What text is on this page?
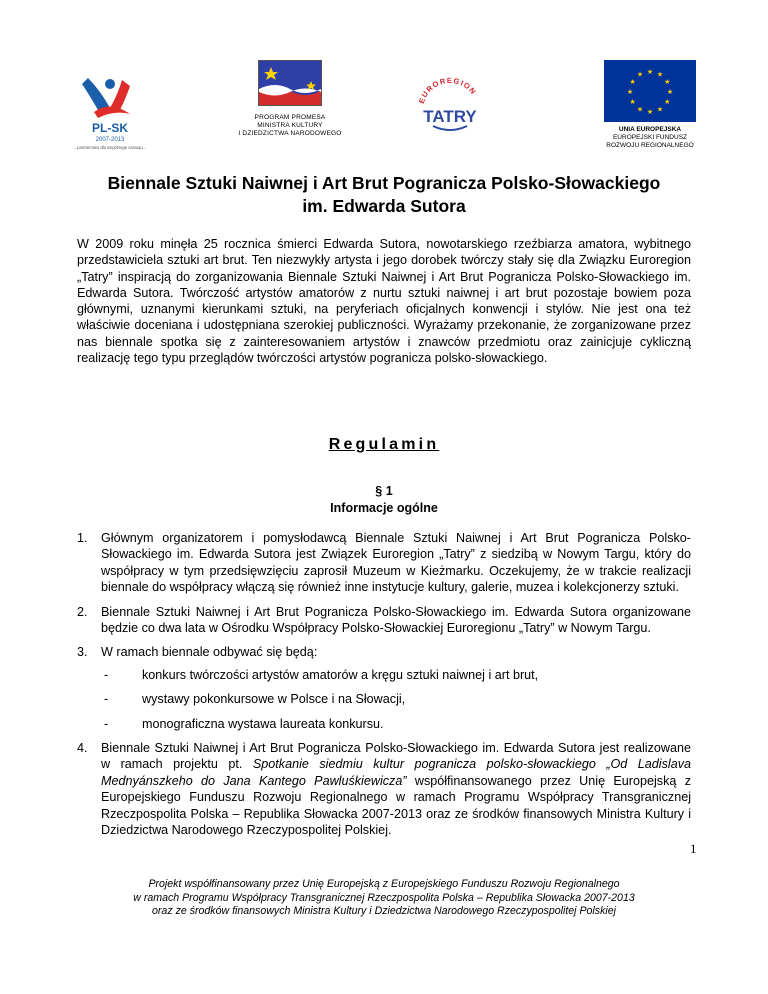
PL-SK
2007-2013
...partnerstwo dla wspólnego rozwoju...
PROGRAM PROMESA
MINISTRA KULTURY
I DZIEDZICTWA NARODOWEGO
EUROREGION
TATRY
★ ★
★
★
★
★
★
★
★
★
★
★
UNIA EUROPEJSKA
EUROPEJSKI FUNDUSZ
ROZWOJU REGIONALNEGO
Biennale Sztuki Naiwnej i Art Brut Pogranicza Polsko-Słowackiego
im. Edwarda Sutora

W 2009 roku minęła 25 rocznica śmierci Edwarda Sutora, nowotarskiego rzeźbiarza amatora, wybitnego przedstawiciela sztuki art brut. Ten niezwykły artysta i jego dorobek twórczy stały się dla Związku Euroregion „Tatry” inspiracją do zorganizowania Biennale Sztuki Naiwnej i Art Brut Pogranicza Polsko-Słowackiego im. Edwarda Sutora. Twórczość artystów amatorów z nurtu sztuki naiwnej i art brut pozostaje bowiem poza głównymi, uznanymi kierunkami sztuki, na peryferiach oficjalnych konwencji i stylów. Nie jest ona też właściwie doceniana i udostępniana szerokiej publiczności. Wyrażamy przekonanie, że zorganizowane przez nas biennale spotka się z zainteresowaniem artystów i znawców przedmiotu oraz zainicjuje cykliczną realizację tego typu przeglądów twórczości artystów pogranicza polsko-słowackiego.

Regulamin
§ 1
Informacje ogólne
1. Głównym organizatorem i pomysłodawcą Biennale Sztuki Naiwnej i Art Brut Pogranicza Polsko-Słowackiego im. Edwarda Sutora jest Związek Euroregion „Tatry” z siedzibą w Nowym Targu, który do współpracy w tym przedsięwzięciu zaprosił Muzeum w Kieżmarku. Oczekujemy, że w trakcie realizacji biennale do współpracy włączą się również inne instytucje kultury, galerie, muzea i kolekcjonerzy sztuki.
2. Biennale Sztuki Naiwnej i Art Brut Pogranicza Polsko-Słowackiego im. Edwarda Sutora organizowane będzie co dwa lata w Ośrodku Współpracy Polsko-Słowackiej Euroregionu „Tatry” w Nowym Targu.
3. W ramach biennale odbywać się będą:
-	konkurs twórczości artystów amatorów a kręgu sztuki naiwnej i art brut,
-	wystawy pokonkursowe w Polsce i na Słowacji,
-	monograficzna wystawa laureata konkursu.
4. Biennale Sztuki Naiwnej i Art Brut Pogranicza Polsko-Słowackiego im. Edwarda Sutora jest realizowane w ramach projektu pt. Spotkanie siedmiu kultur pogranicza polsko-słowackiego „Od Ladislava Mednyánszkeho do Jana Kantego Pawluśkiewicza” współfinansowanego przez Unię Europejską z Europejskiego Funduszu Rozwoju Regionalnego w ramach Programu Współpracy Transgranicznej Rzeczpospolita Polska – Republika Słowacka 2007-2013 oraz ze środków finansowych Ministra Kultury i Dziedzictwa Narodowego Rzeczypospolitej Polskiej.
1
Projekt współfinansowany przez Unię Europejską z Europejskiego Funduszu Rozwoju Regionalnego
w ramach Programu Współpracy Transgranicznej Rzeczpospolita Polska – Republika Słowacka 2007-2013
oraz ze środków finansowych Ministra Kultury i Dziedzictwa Narodowego Rzeczypospolitej Polskiej
